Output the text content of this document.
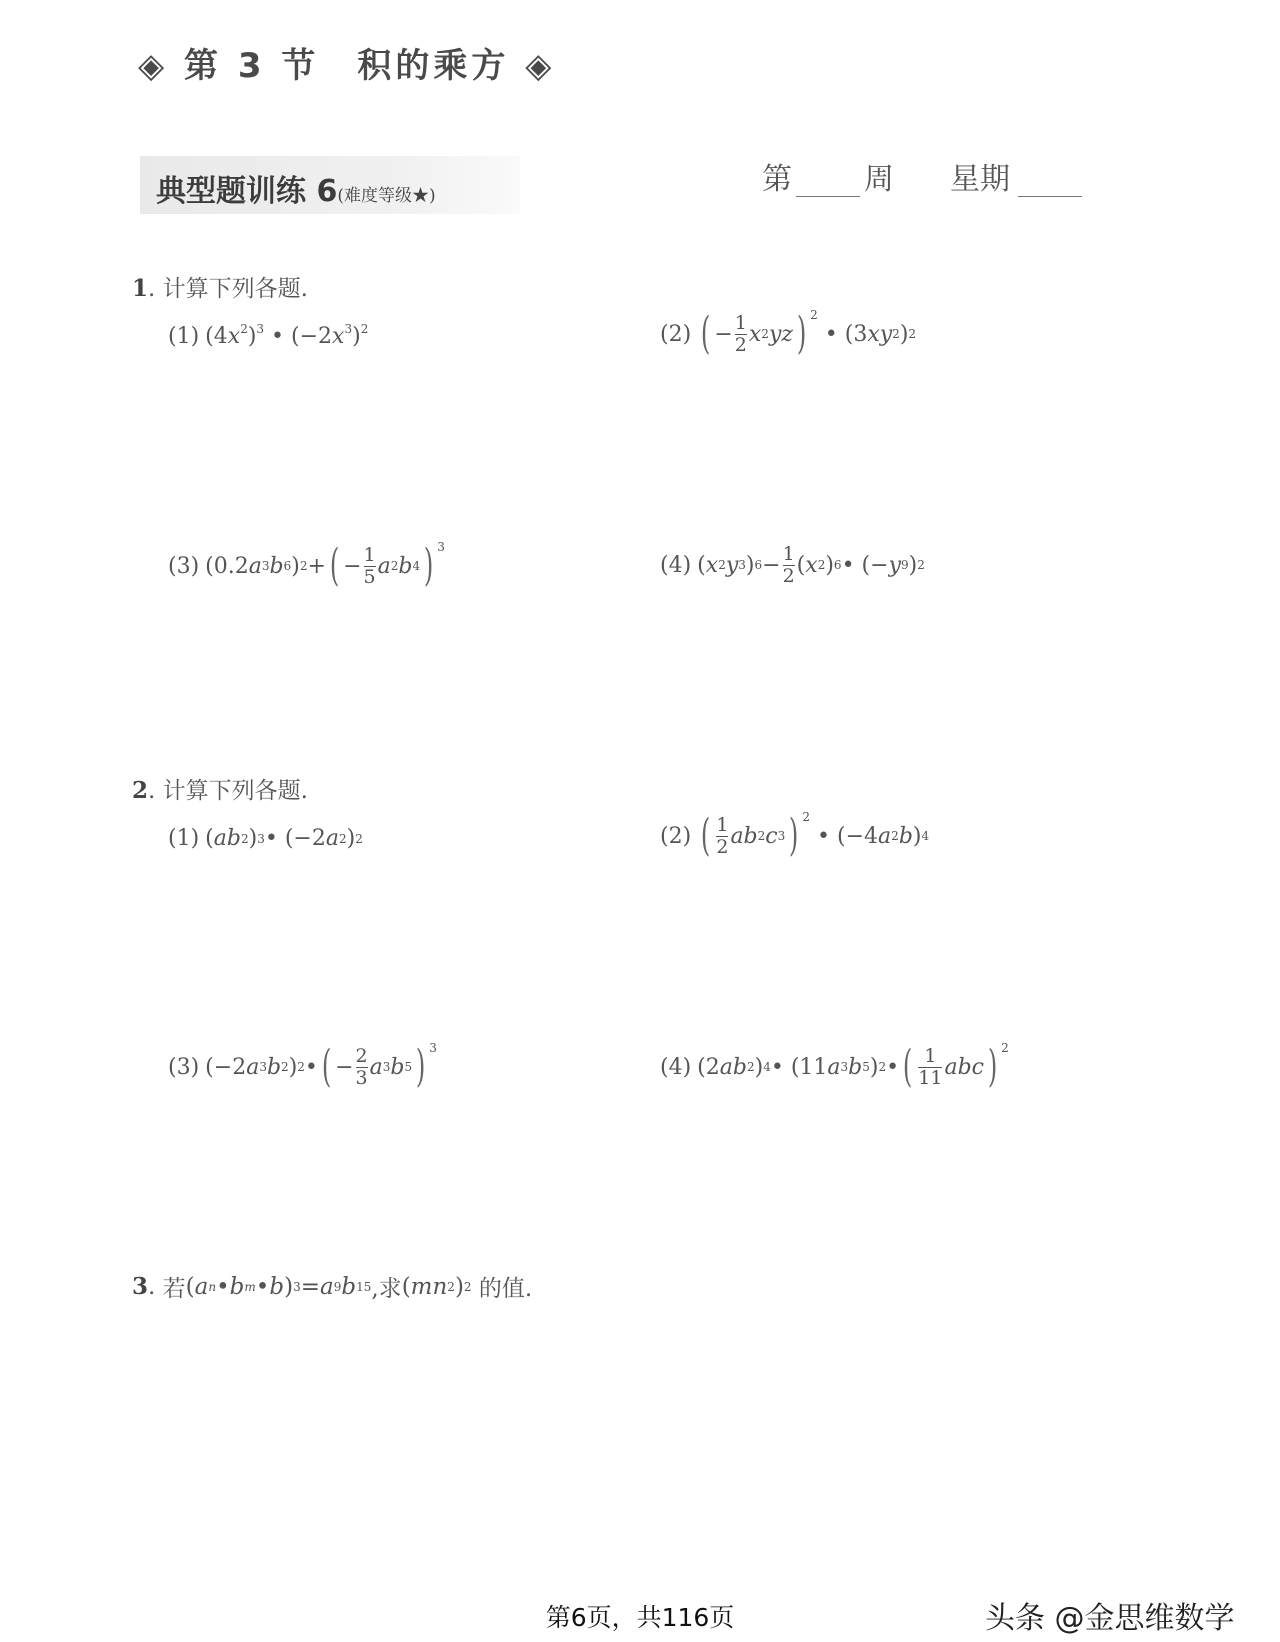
◈ 第 3 节 积的乘方 ◈
典型题训练 6(难度等级★)	第 周 星期
1. 计算下列各题.
(1) $(4x^2)^3$ • $(-2x^3)^2$	(2) ( − $\frac{1}{2}$ x 2 yz ) 2
• (3 xy 2 ) 2
(3) (0.2 a 3 b 6 ) 2 + ( − $\frac{1}{5}$ a 2 b 4 ) 3
(4) ( x 2 y 3 ) $6 - \frac{1}{2}$ ( x 2 ) 6 • (− y 9 ) 2
2. 计算下列各题.
(1) ( ab 2 ) 3 • (−2 a 2 ) 2	(2) ( $\frac{1}{2}$ ab 2 c 3 ) 2
• (−4 a 2 b ) 4
(3) (−2 a 3 b 2 ) 2 • ( − $\frac{2}{3}$ a 3 b 5 ) 3
(4) (2 ab 2 ) 4 • (11 a 3 b 5 ) 2 • ( $\frac{1}{11}$ abc ) 2
3 . 若 ( a n • b m • b ) 3 = a 9 b 15 ,求 ( mn 2 ) 2
的值.
第6页，共116页	头条 @金思维数学
